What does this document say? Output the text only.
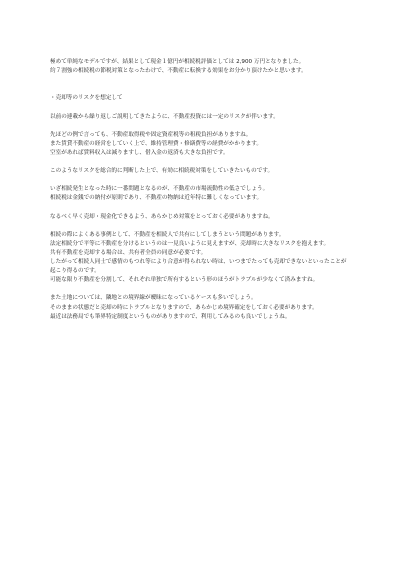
極めて単純なモデルですが、結果として現金１億円が相続税評価としては 2,900 万円となりました。
約７割強の相続税の節税対策となったわけで、不動産に転換する効果をお分かり頂けたかと思います。
・売却等のリスクを想定して
以前の連載から繰り返しご説明してきたように、不動産投資には一定のリスクが伴います。
先ほどの例で言っても、不動産取得税や固定資産税等の租税負担がありますね。
また賃貸不動産の経営をしていく上で、維持管理費・修繕費等の経費がかかります。
空室があれば賃料収入は減りますし、借入金の返済も大きな負担です。
このようなリスクを総合的に判断した上で、有効に相続税対策をしていきたいものです。
いざ相続発生となった時に一番問題となるのが、不動産の市場流動性の低さでしょう。
相続税は金銭での納付が原則であり、不動産の物納は近年特に難しくなっています。
なるべく早く売却・現金化できるよう、あらかじめ対策をとっておく必要がありますね。
相続の際によくある事例として、不動産を相続人で共有にしてしまうという問題があります。
法定相続分で平等に不動産を分けるというのは一見良いように見えますが、売却時に大きなリスクを抱えます。
共有不動産を売却する場合は、共有者全員の同意が必要です。
したがって相続人同士で感情のもつれ等により合意が得られない時は、いつまでたっても売却できないといったことが起こり得るのです。
可能な限り不動産を分割して、それぞれ単独で所有するという形のほうがトラブルが少なくて済みますね。
また土地については、隣地との境界線が曖昧になっているケースも多いでしょう。
そのままの状態だと売却の時にトラブルとなりますので、あらかじめ境界確定をしておく必要があります。
最近は法務局でも筆界特定制度というものがありますので、利用してみるのも良いでしょうね。
